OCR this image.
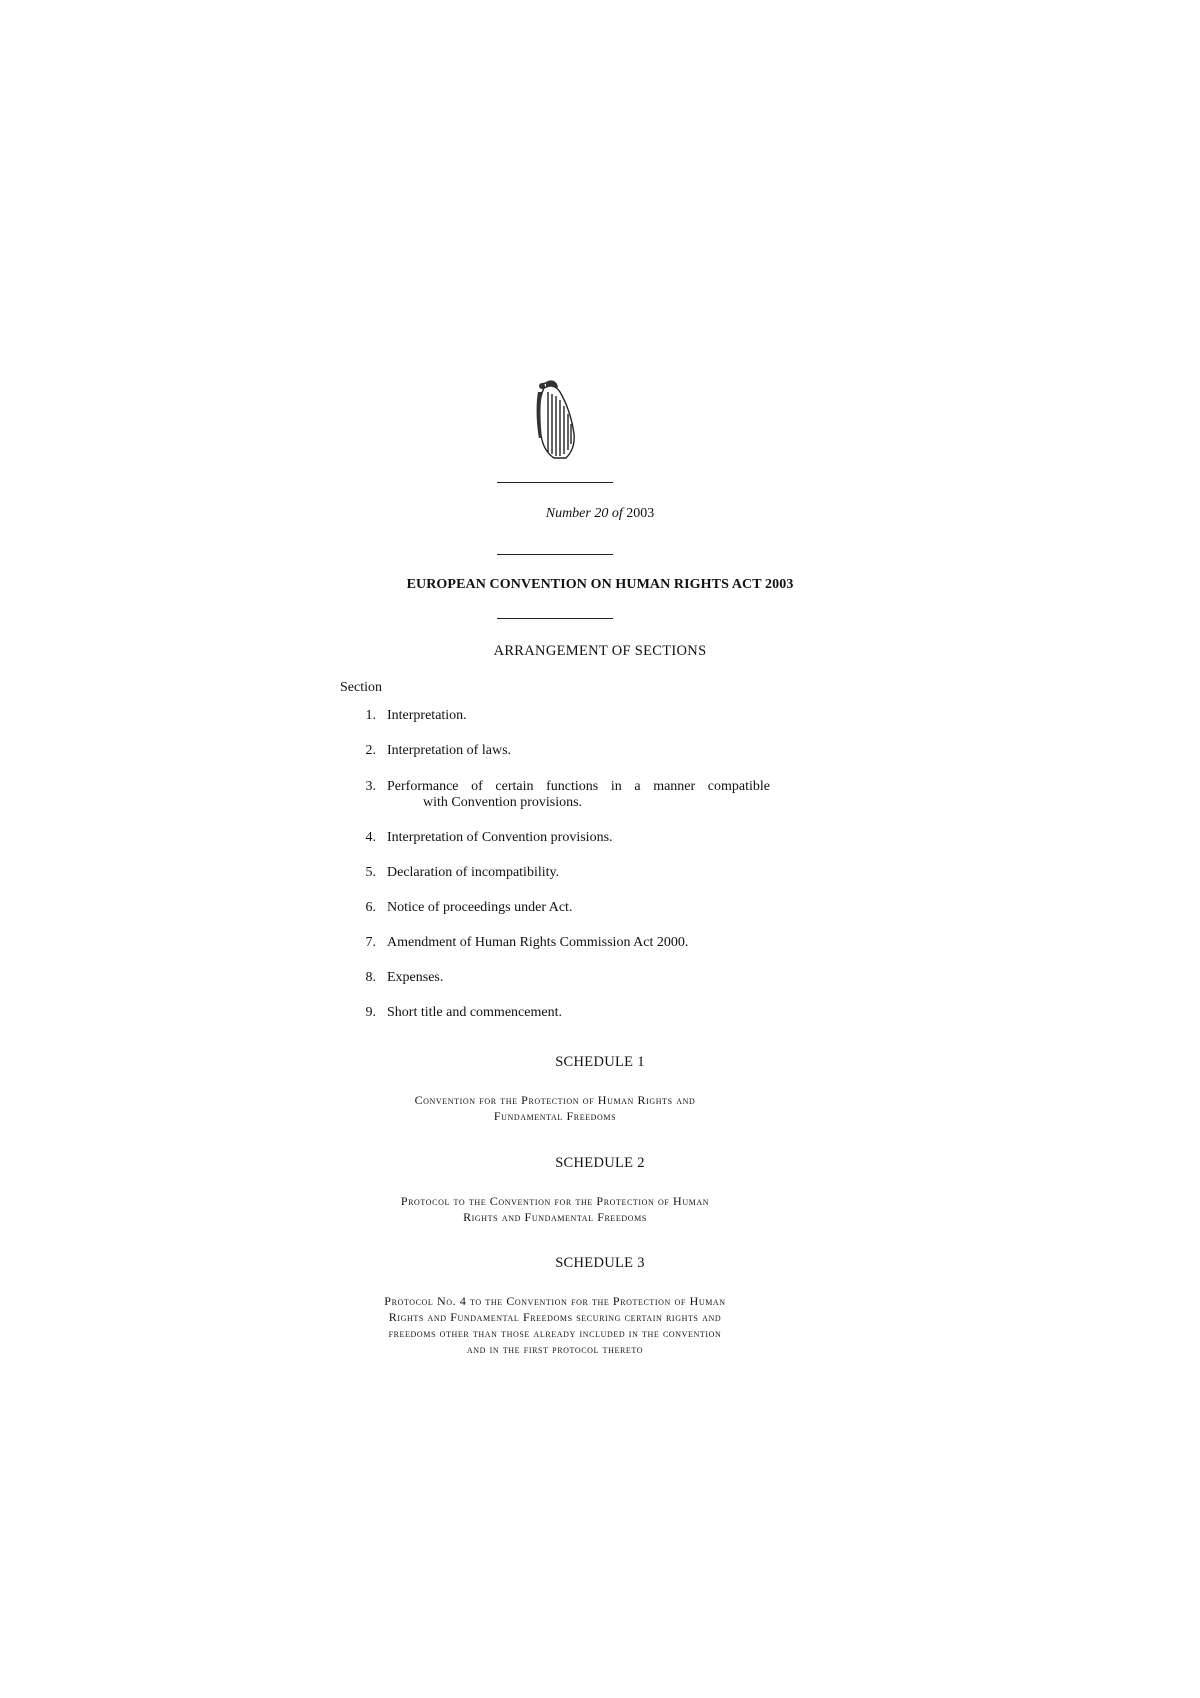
Number 20 of 2003
EUROPEAN CONVENTION ON HUMAN RIGHTS ACT 2003
ARRANGEMENT OF SECTIONS
Section
1. Interpretation.
2. Interpretation of laws.
3. Performance of certain functions in a manner compatible
with Convention provisions.
4. Interpretation of Convention provisions.
5. Declaration of incompatibility.
6. Notice of proceedings under Act.
7. Amendment of Human Rights Commission Act 2000.
8. Expenses.
9. Short title and commencement.
SCHEDULE 1
Convention for the Protection of Human Rights and
Fundamental Freedoms
SCHEDULE 2
Protocol to the Convention for the Protection of Human
Rights and Fundamental Freedoms
SCHEDULE 3
Protocol No. 4 to the Convention for the Protection of Human
Rights and Fundamental Freedoms securing certain rights and
freedoms other than those already included in the convention
and in the first protocol thereto
